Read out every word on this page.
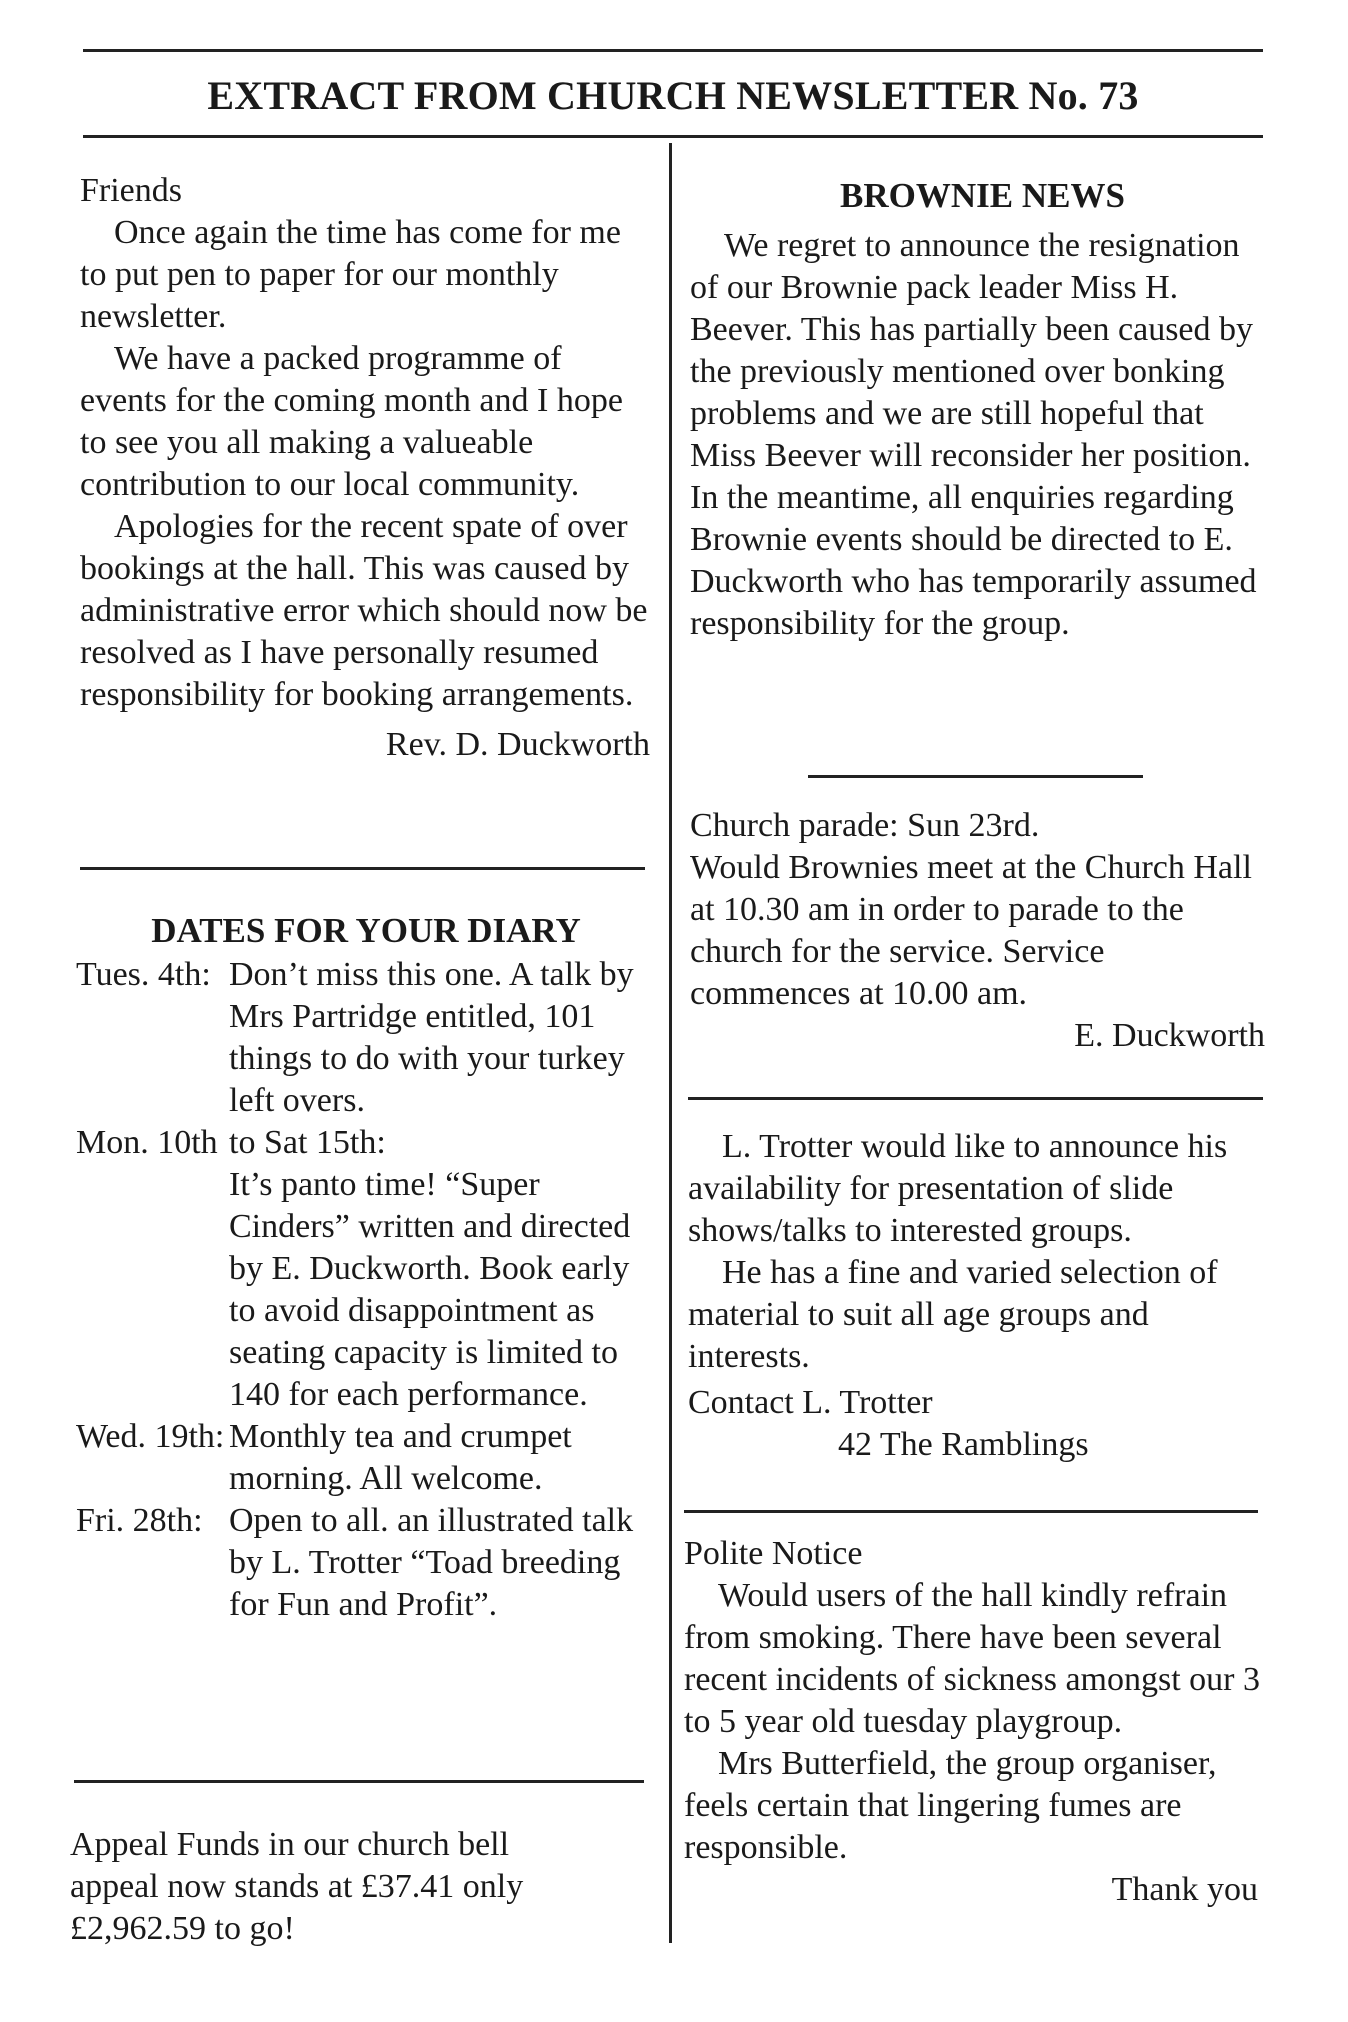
EXTRACT FROM CHURCH NEWSLETTER No. 73

Friends

Once again the time has come for me to put pen to paper for our monthly newsletter.

We have a packed programme of events for the coming month and I hope to see you all making a valueable contribution to our local community.

Apologies for the recent spate of over bookings at the hall. This was caused by administrative error which should now be resolved as I have personally resumed responsibility for booking arrangements.

Rev. D. Duckworth

DATES FOR YOUR DIARY

Tues. 4th: Don’t miss this one. A talk by Mrs Partridge entitled, 101 things to do with your turkey left overs.
Mon. 10th to Sat 15th:

It’s panto time! “Super Cinders” written and directed by E. Duckworth. Book early to avoid disappointment as seating capacity is limited to 140 for each performance.

Wed. 19th: Monthly tea and crumpet morning. All welcome.
Fri. 28th: Open to all. an illustrated talk by L. Trotter “Toad breeding for Fun and Profit”.

Appeal Funds in our church bell appeal now stands at £37.41 only £2,962.59 to go!

BROWNIE NEWS

We regret to announce the resignation of our Brownie pack leader Miss H. Beever. This has partially been caused by the previously mentioned over bonking problems and we are still hopeful that Miss Beever will reconsider her position. In the meantime, all enquiries regarding Brownie events should be directed to E. Duckworth who has temporarily assumed responsibility for the group.

Church parade: Sun 23rd.

Would Brownies meet at the Church Hall at 10.30 am in order to parade to the church for the service. Service commences at 10.00 am.

E. Duckworth

L. Trotter would like to announce his availability for presentation of slide shows/talks to interested groups.

He has a fine and varied selection of material to suit all age groups and interests.

Contact L. Trotter

42 The Ramblings

Polite Notice

Would users of the hall kindly refrain from smoking. There have been several recent incidents of sickness amongst our 3 to 5 year old tuesday playgroup.

Mrs Butterfield, the group organiser, feels certain that lingering fumes are responsible.

Thank you
